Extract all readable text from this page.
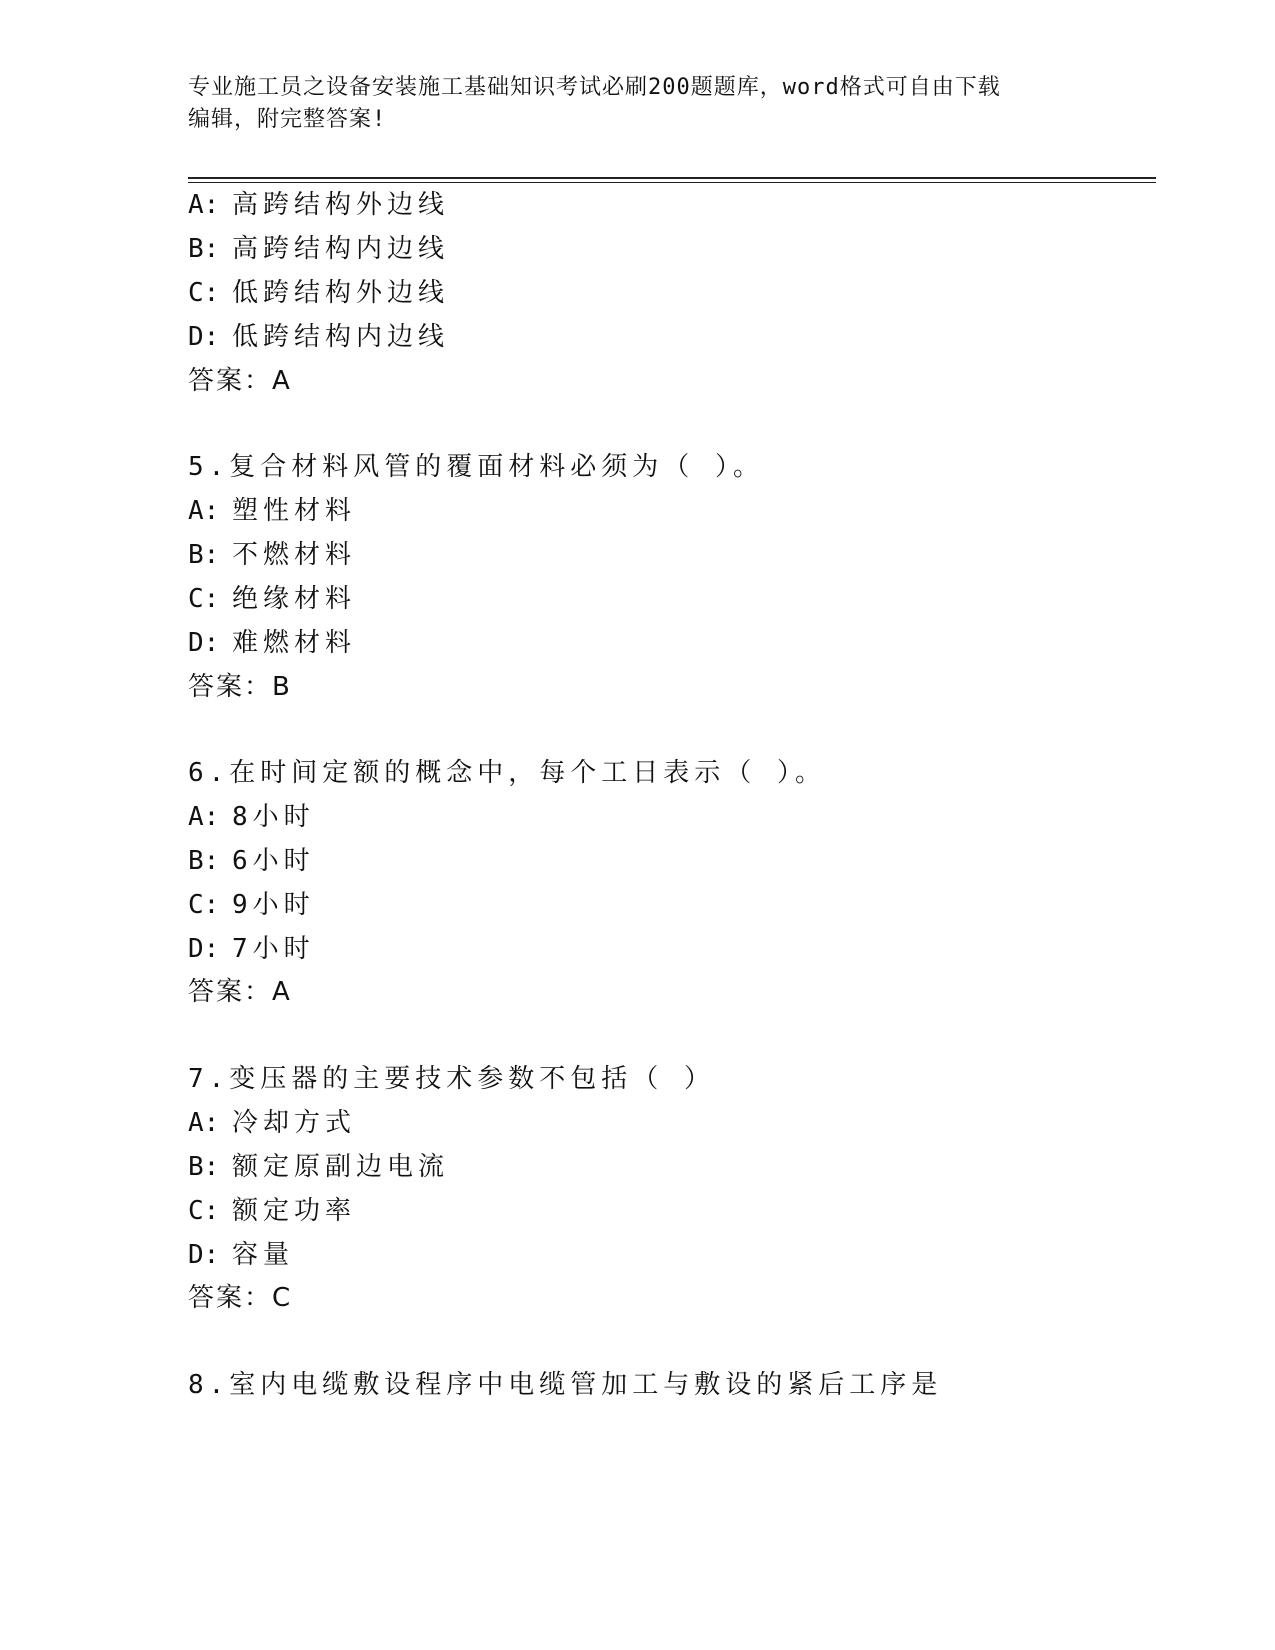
专业施工员之设备安装施工基础知识考试必刷200题题库，word格式可自由下载
编辑，附完整答案!
A: 高跨结构外边线
B: 高跨结构内边线
C: 低跨结构外边线
D: 低跨结构内边线
答案：A
5.复合材料风管的覆面材料必须为（ ）。
A: 塑性材料
B: 不燃材料
C: 绝缘材料
D: 难燃材料
答案：B
6.在时间定额的概念中，每个工日表示（ ）。
A: 8小时
B: 6小时
C: 9小时
D: 7小时
答案：A
7.变压器的主要技术参数不包括（ ）
A: 冷却方式
B: 额定原副边电流
C: 额定功率
D: 容量
答案：C
8.室内电缆敷设程序中电缆管加工与敷设的紧后工序是
